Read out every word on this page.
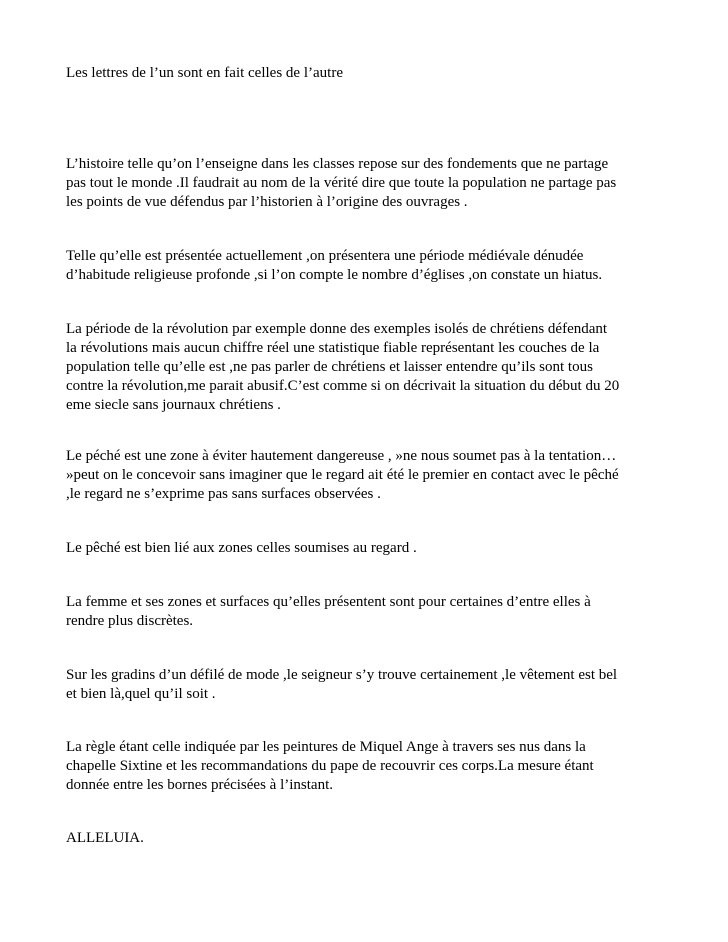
Les lettres de l’un sont en fait celles de l’autre

L’histoire telle qu’on l’enseigne dans les classes repose sur des fondements que ne partage
pas tout le monde .Il faudrait au nom de la vérité dire que toute la population ne partage pas
les points de vue défendus par l’historien à l’origine des ouvrages .

Telle qu’elle est présentée actuellement ,on présentera une période médiévale dénudée
d’habitude religieuse profonde ,si l’on compte le nombre d’églises ,on constate un hiatus.

La période de la révolution par exemple donne des exemples isolés de chrétiens défendant
la révolutions mais aucun chiffre réel une statistique fiable représentant les couches de la
population telle qu’elle est ,ne pas parler de chrétiens et laisser entendre qu’ils sont tous
contre la révolution,me parait abusif.C’est comme si on décrivait la situation du début du 20
eme siecle sans journaux chrétiens .

Le péché est une zone à éviter hautement dangereuse , »ne nous soumet pas à la tentation…
»peut on le concevoir sans imaginer que le regard ait été le premier en contact avec le pêché
,le regard ne s’exprime pas sans surfaces observées .

Le pêché est bien lié aux zones celles soumises au regard .

La femme et ses zones et surfaces qu’elles présentent sont pour certaines d’entre elles à
rendre plus discrètes.

Sur les gradins d’un défilé de mode ,le seigneur s’y trouve certainement ,le vêtement est bel
et bien là,quel qu’il soit .

La règle étant celle indiquée par les peintures de Miquel Ange à travers ses nus dans la
chapelle Sixtine et les recommandations du pape de recouvrir ces corps.La mesure étant
donnée entre les bornes précisées à l’instant.

ALLELUIA.
